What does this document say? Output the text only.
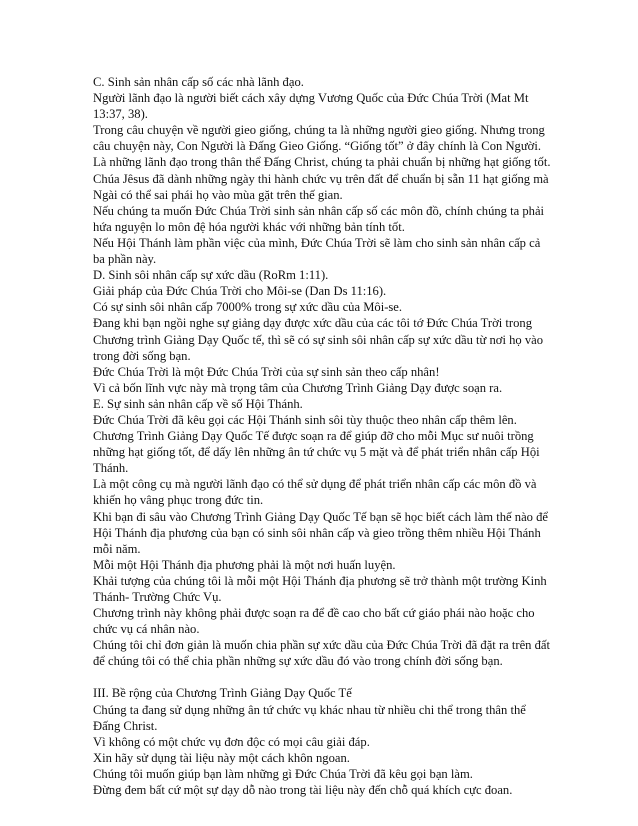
C. Sinh sản nhân cấp số các nhà lãnh đạo.

Người lãnh đạo là người biết cách xây dựng Vương Quốc của Đức Chúa Trời (Mat Mt 13:37, 38).

Trong câu chuyện về người gieo giống, chúng ta là những người gieo giống. Nhưng trong câu chuyện này, Con Người là Đấng Gieo Giống. “Giống tốt” ở đây chính là Con Người.

Là những lãnh đạo trong thân thể Đấng Christ, chúng ta phải chuẩn bị những hạt giống tốt.

Chúa Jêsus đã dành những ngày thi hành chức vụ trên đất để chuẩn bị sẵn 11 hạt giống mà Ngài có thể sai phái họ vào mùa gặt trên thế gian.

Nếu chúng ta muốn Đức Chúa Trời sinh sản nhân cấp số các môn đồ, chính chúng ta phải hứa nguyện lo môn đệ hóa người khác với những bản tính tốt.

Nếu Hội Thánh làm phần việc của mình, Đức Chúa Trời sẽ làm cho sinh sản nhân cấp cả ba phần này.

D. Sinh sôi nhân cấp sự xức dầu (RoRm 1:11).

Giải pháp của Đức Chúa Trời cho Môi-se (Dan Ds 11:16).

Có sự sinh sôi nhân cấp 7000% trong sự xức dầu của Môi-se.

Đang khi bạn ngồi nghe sự giảng dạy được xức dầu của các tôi tớ Đức Chúa Trời trong Chương trình Giảng Dạy Quốc tế, thì sẽ có sự sinh sôi nhân cấp sự xức dầu từ nơi họ vào trong đời sống bạn.

Đức Chúa Trời là một Đức Chúa Trời của sự sinh sản theo cấp nhân!

Vì cả bốn lĩnh vực này mà trọng tâm của Chương Trình Giảng Dạy được soạn ra.

E. Sự sinh sản nhân cấp về số Hội Thánh.

Đức Chúa Trời đã kêu gọi các Hội Thánh sinh sôi tùy thuộc theo nhân cấp thêm lên.

Chương Trình Giảng Dạy Quốc Tế được soạn ra để giúp đỡ cho mỗi Mục sư nuôi trồng những hạt giống tốt, để dấy lên những ân tứ chức vụ 5 mặt và để phát triển nhân cấp Hội Thánh.

Là một công cụ mà người lãnh đạo có thể sử dụng để phát triển nhân cấp các môn đồ và khiến họ vâng phục trong đức tin.

Khi bạn đi sâu vào Chương Trình Giảng Dạy Quốc Tế bạn sẽ học biết cách làm thế nào để Hội Thánh địa phương của bạn có sinh sôi nhân cấp và gieo trồng thêm nhiều Hội Thánh mỗi năm.

Mỗi một Hội Thánh địa phương phải là một nơi huấn luyện.

Khải tượng của chúng tôi là mỗi một Hội Thánh địa phương sẽ trở thành một trường Kinh Thánh- Trường Chức Vụ.

Chương trình này không phải được soạn ra để đề cao cho bất cứ giáo phái nào hoặc cho chức vụ cá nhân nào.

Chúng tôi chỉ đơn giản là muốn chia phần sự xức dầu của Đức Chúa Trời đã đặt ra trên đất để chúng tôi có thể chia phần những sự xức dầu đó vào trong chính đời sống bạn.

III. Bề rộng của Chương Trình Giảng Dạy Quốc Tế

Chúng ta đang sử dụng những ân tứ chức vụ khác nhau từ nhiều chi thể trong thân thể Đấng Christ.

Vì không có một chức vụ đơn độc có mọi câu giải đáp.

Xin hãy sử dụng tài liệu này một cách khôn ngoan.

Chúng tôi muốn giúp bạn làm những gì Đức Chúa Trời đã kêu gọi bạn làm.

Đừng đem bất cứ một sự dạy dỗ nào trong tài liệu này đến chỗ quá khích cực đoan.
